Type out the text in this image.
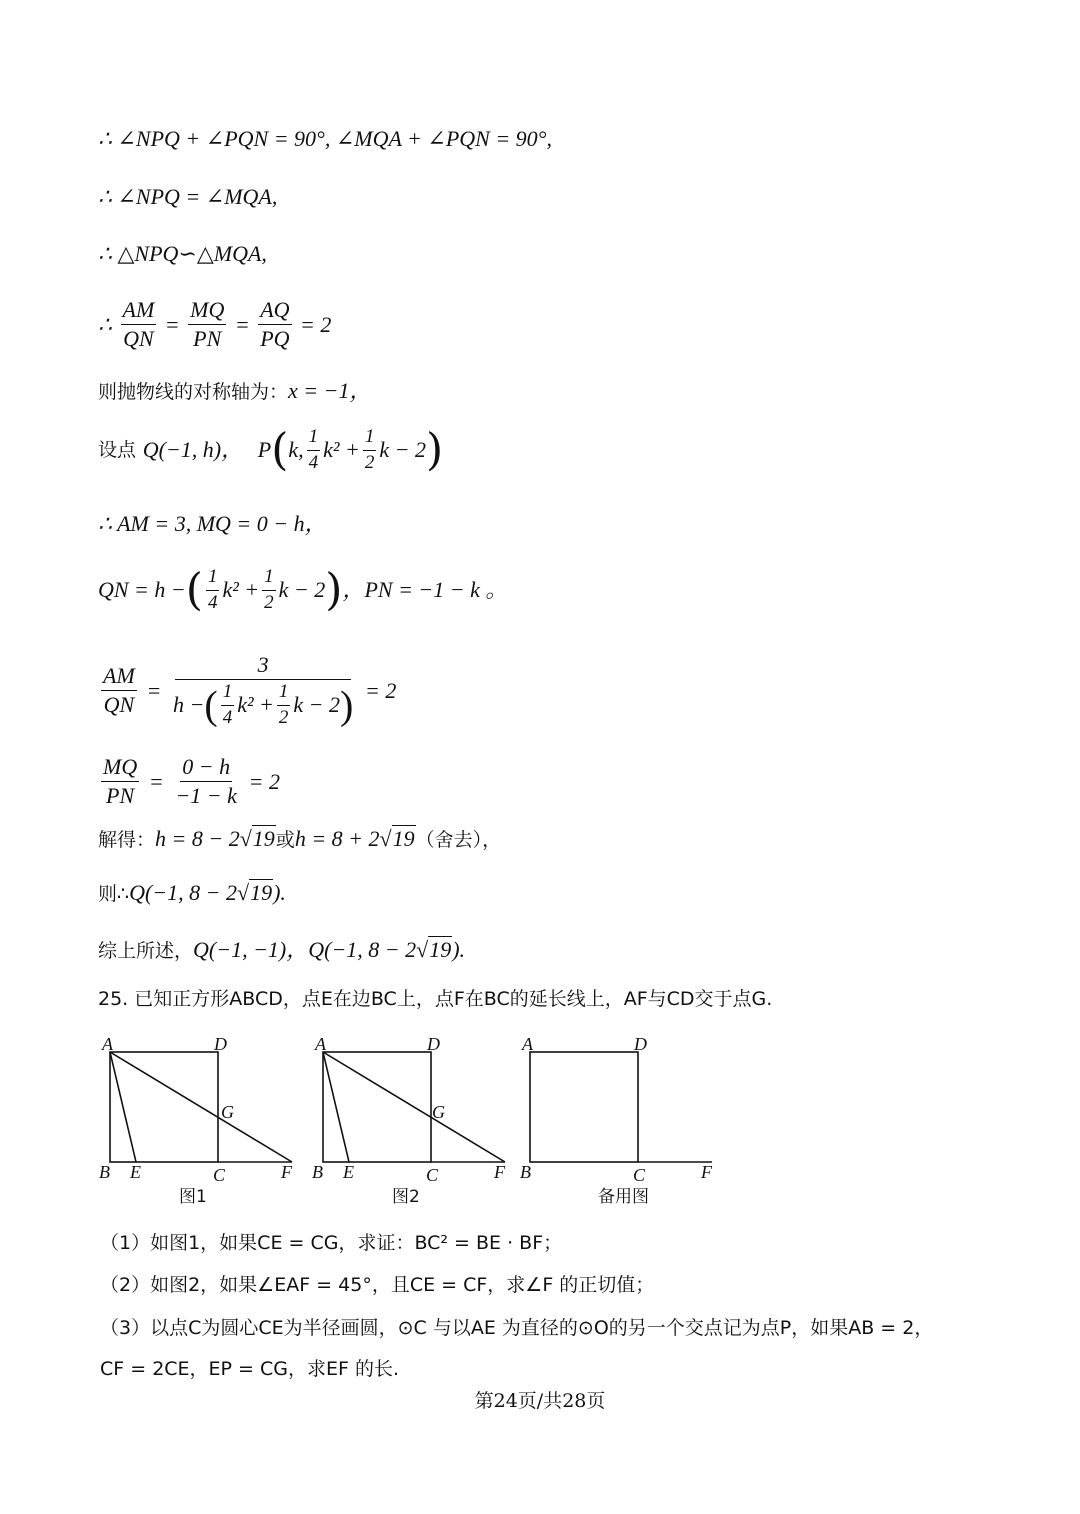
∴ ∠NPQ + ∠PQN = 90°, ∠MQA + ∠PQN = 90°,
∴ ∠NPQ = ∠MQA,
∴ △NPQ∽△MQA,
∴ $\frac{AM}{QN} = \frac{MQ}{PN} = \frac{AQ}{PQ} = 2$
则抛物线的对称轴为：x = −1，
设点 Q(−1, h)， P(k, $\frac{1}{4} k^2 + \frac{1}{2}$ k − 2)
∴ AM = 3, MQ = 0 − h，
QN = h −( $\frac{1}{4} k^2 + \frac{1}{2}$ k − 2)，PN = −1 − k 。
$\frac{AM}{QN} = \frac{3}{h -( \frac{1}{4} k^2 + \frac{1}{2} k - 2)} = 2$
$\frac{MQ}{PN} = \frac{0 - h}{-1 - k} = 2$
解得：h = 8 − 2√19或h = 8 + 2√19（舍去），
则∴Q(−1, 8 − 2√19).
综上所述，Q(−1, −1)，Q(−1, 8 − 2√19).
25. 已知正方形ABCD，点E在边BC上，点F在BC的延长线上，AF与CD交于点G.
A	D
G
B E	C	F
图1
A	D
G
B E	C	F
图2
A	D
B	C	F
备用图
（1）如图1，如果CE = CG，求证：BC² = BE · BF；
（2）如图2，如果∠EAF = 45°，且CE = CF，求∠F 的正切值；
（3）以点C为圆心CE为半径画圆，⊙C 与以AE 为直径的⊙O的另一个交点记为点P，如果AB = 2，
CF = 2CE，EP = CG，求EF 的长.
第24页/共28页
